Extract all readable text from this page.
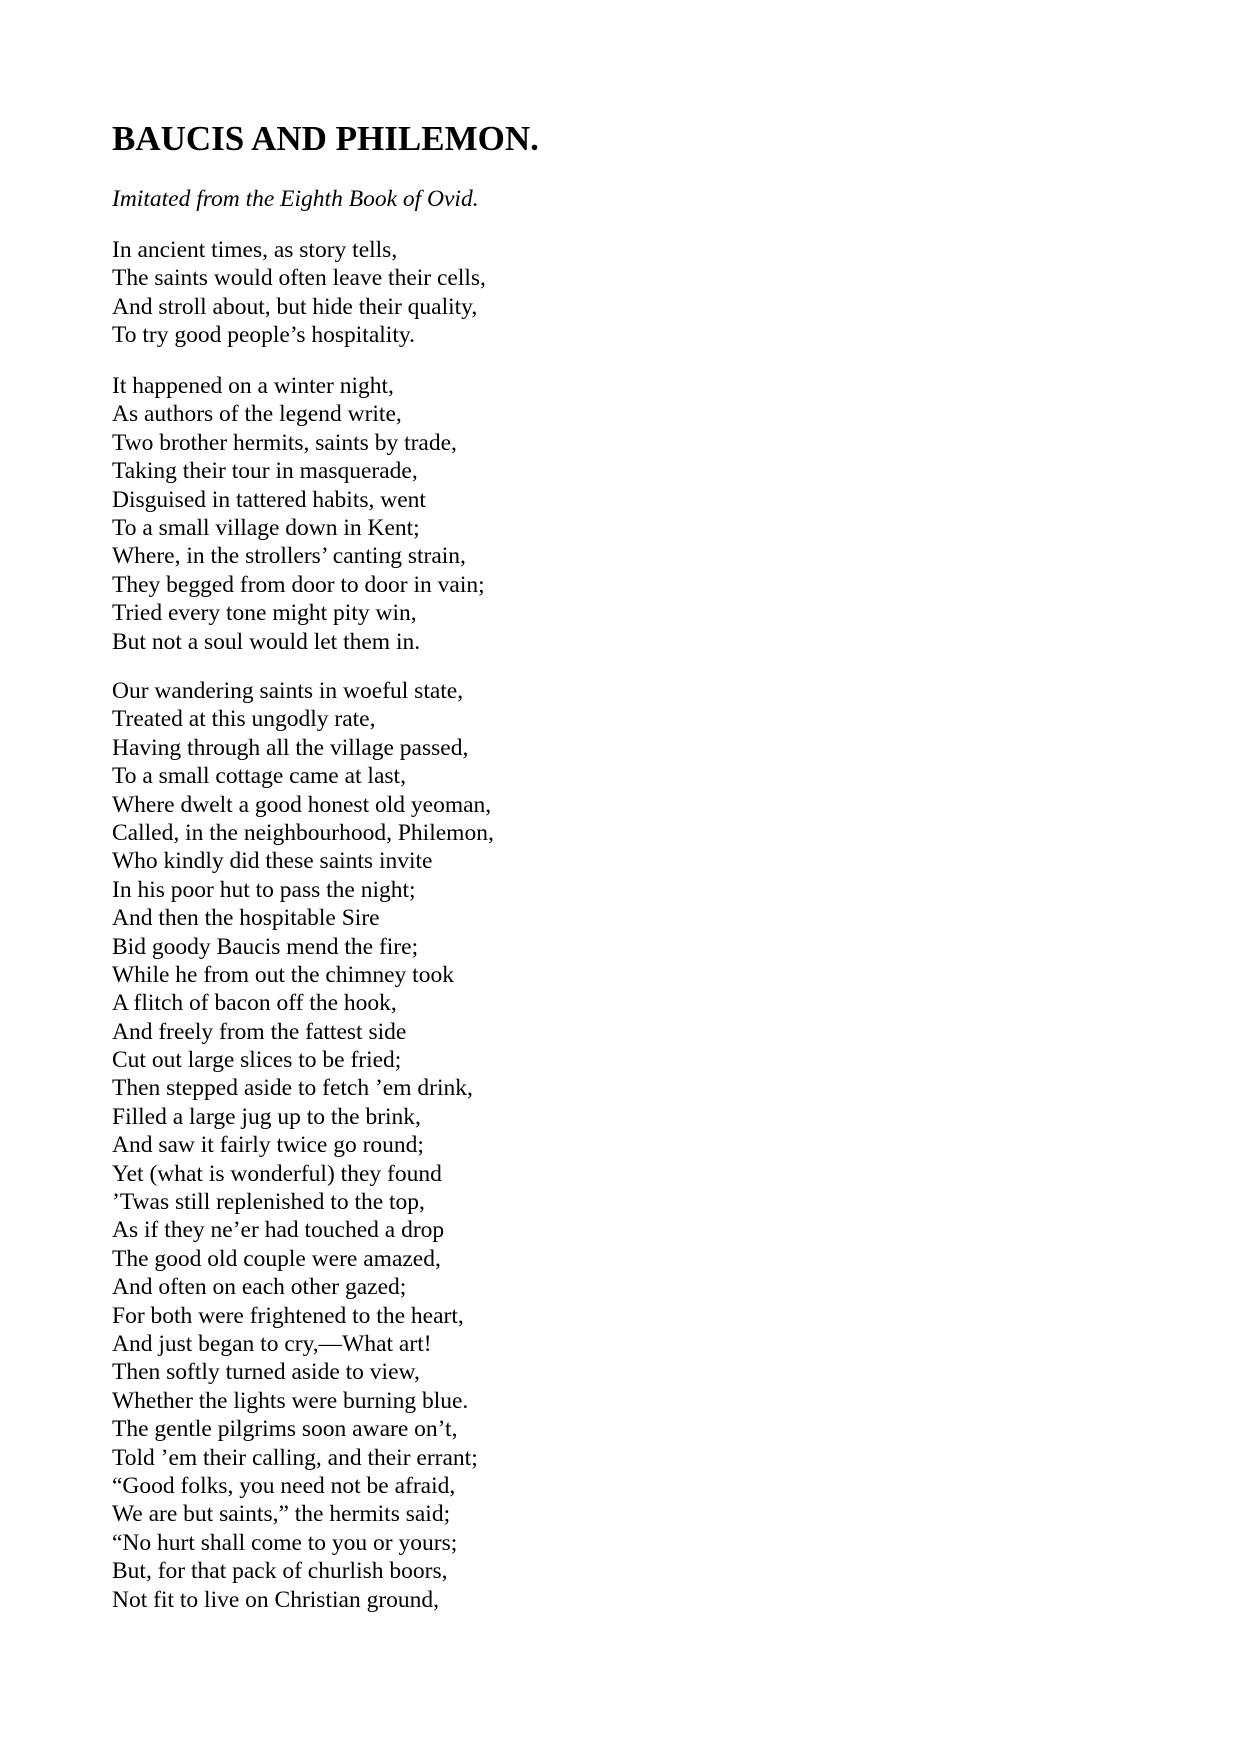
BAUCIS AND PHILEMON.

Imitated from the Eighth Book of Ovid.

In ancient times, as story tells,
The saints would often leave their cells,
And stroll about, but hide their quality,
To try good people’s hospitality.
It happened on a winter night,
As authors of the legend write,
Two brother hermits, saints by trade,
Taking their tour in masquerade,
Disguised in tattered habits, went
To a small village down in Kent;
Where, in the strollers’ canting strain,
They begged from door to door in vain;
Tried every tone might pity win,
But not a soul would let them in.
Our wandering saints in woeful state,
Treated at this ungodly rate,
Having through all the village passed,
To a small cottage came at last,
Where dwelt a good honest old yeoman,
Called, in the neighbourhood, Philemon,
Who kindly did these saints invite
In his poor hut to pass the night;
And then the hospitable Sire
Bid goody Baucis mend the fire;
While he from out the chimney took
A flitch of bacon off the hook,
And freely from the fattest side
Cut out large slices to be fried;
Then stepped aside to fetch ’em drink,
Filled a large jug up to the brink,
And saw it fairly twice go round;
Yet (what is wonderful) they found
’Twas still replenished to the top,
As if they ne’er had touched a drop
The good old couple were amazed,
And often on each other gazed;
For both were frightened to the heart,
And just began to cry,—What art!
Then softly turned aside to view,
Whether the lights were burning blue.
The gentle pilgrims soon aware on’t,
Told ’em their calling, and their errant;
“Good folks, you need not be afraid,
We are but saints,” the hermits said;
“No hurt shall come to you or yours;
But, for that pack of churlish boors,
Not fit to live on Christian ground,
